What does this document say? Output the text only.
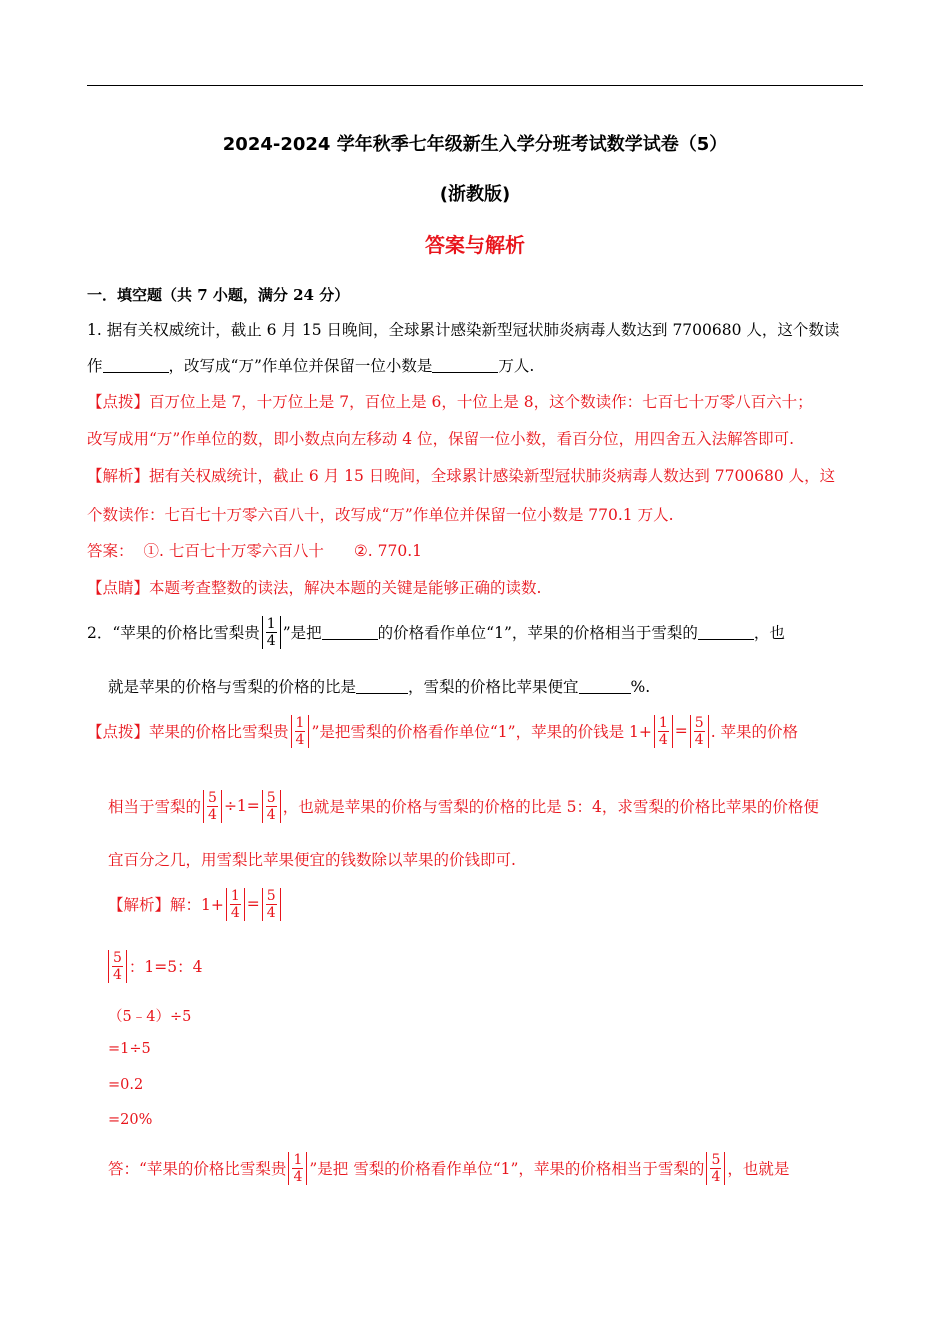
2024-2024 学年秋季七年级新生入学分班考试数学试卷（5）
(浙教版)
答案与解析
一．填空题（共 7 小题，满分 24 分）
1. 据有关权威统计，截止 6 月 15 日晚间，全球累计感染新型冠状肺炎病毒人数达到 7700680 人，这个数读
作	，改写成“万”作单位并保留一位小数是	万人.
【点拨】百万位上是 7，十万位上是 7，百位上是 6，十位上是 8，这个数读作：七百七十万零八百六十；
改写成用“万”作单位的数，即小数点向左移动 4 位，保留一位小数，看百分位，用四舍五入法解答即可.
【解析】据有关权威统计，截止 6 月 15 日晚间，全球累计感染新型冠状肺炎病毒人数达到 7700680 人，这
个数读作：七百七十万零六百八十，改写成“万”作单位并保留一位小数是 770.1 万人.
答案： ①. 七百七十万零六百八十 ②. 770.1
【点睛】本题考查整数的读法，解决本题的关键是能够正确的读数.
2．“苹果的价格比雪梨贵 $\frac{1}{4}$ ”是把	的价格看作单位“1”，苹果的价格相当于雪梨的	，也
就是苹果的价格与雪梨的价格的比是	，雪梨的价格比苹果便宜	%.
【点拨】苹果的价格比雪梨贵 $\frac{1}{4}$ ”是把雪梨的价格看作单位“1”，苹果的价钱是 $1+ \frac{1}{4} = \frac{5}{4}$ . 苹果的价格
相当于雪梨的 $\frac{5}{4} \div 1= \frac{5}{4}$ ，也就是苹果的价格与雪梨的价格的比是 5：4，求雪梨的价格比苹果的价格便
宜百分之几，用雪梨比苹果便宜的钱数除以苹果的价钱即可.
【解析】解：$1+ \frac{1}{4} = \frac{5}{4}$
$\frac{5}{4}$ ：1=5：4
（5﹣4）÷5
=1÷5
=0.2
=20%
答：“苹果的价格比雪梨贵 $\frac{1}{4}$ ”是把 雪梨的价格看作单位“1”，苹果的价格相当于雪梨的 $\frac{5}{4}$ ，也就是
